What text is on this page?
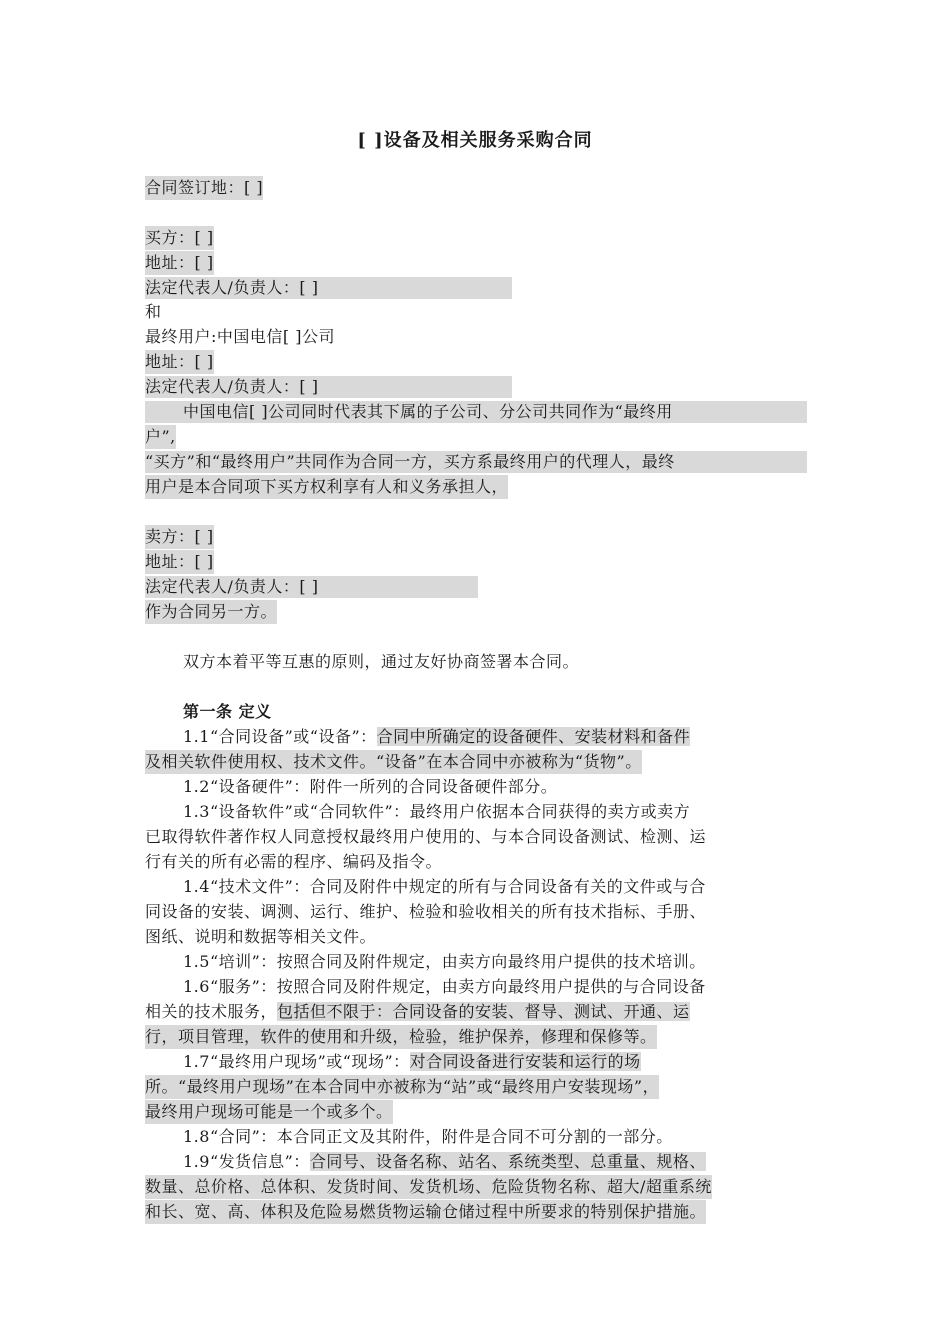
[ ]设备及相关服务采购合同
合同签订地：[ ]
买方：[ ]
地址：[ ]
法定代表人/负责人：[ ]
和
最终用户:中国电信[ ]公司
地址：[ ]
法定代表人/负责人：[ ]
中国电信[ ]公司同时代表其下属的子公司、分公司共同作为“最终用
户”,
“买方”和“最终用户”共同作为合同一方，买方系最终用户的代理人，最终
用户是本合同项下买方权利享有人和义务承担人，
卖方：[ ]
地址：[ ]
法定代表人/负责人：[ ]
作为合同另一方。
双方本着平等互惠的原则，通过友好协商签署本合同。
第一条 定义
1.1“合同设备”或“设备”：合同中所确定的设备硬件、安装材料和备件
及相关软件使用权、技术文件。“设备”在本合同中亦被称为“货物”。
1.2“设备硬件”：附件一所列的合同设备硬件部分。
1.3“设备软件”或“合同软件”：最终用户依据本合同获得的卖方或卖方
已取得软件著作权人同意授权最终用户使用的、与本合同设备测试、检测、运
行有关的所有必需的程序、编码及指令。
1.4“技术文件”：合同及附件中规定的所有与合同设备有关的文件或与合
同设备的安装、调测、运行、维护、检验和验收相关的所有技术指标、手册、
图纸、说明和数据等相关文件。
1.5“培训”：按照合同及附件规定，由卖方向最终用户提供的技术培训。
1.6“服务”：按照合同及附件规定，由卖方向最终用户提供的与合同设备
相关的技术服务，包括但不限于：合同设备的安装、督导、测试、开通、运
行，项目管理，软件的使用和升级，检验，维护保养，修理和保修等。
1.7“最终用户现场”或“现场”：对合同设备进行安装和运行的场
所。“最终用户现场”在本合同中亦被称为“站”或“最终用户安装现场”，
最终用户现场可能是一个或多个。
1.8“合同”：本合同正文及其附件，附件是合同不可分割的一部分。
1.9“发货信息”：合同号、设备名称、站名、系统类型、总重量、规格、
数量、总价格、总体积、发货时间、发货机场、危险货物名称、超大/超重系统
和长、宽、高、体积及危险易燃货物运输仓储过程中所要求的特别保护措施。
